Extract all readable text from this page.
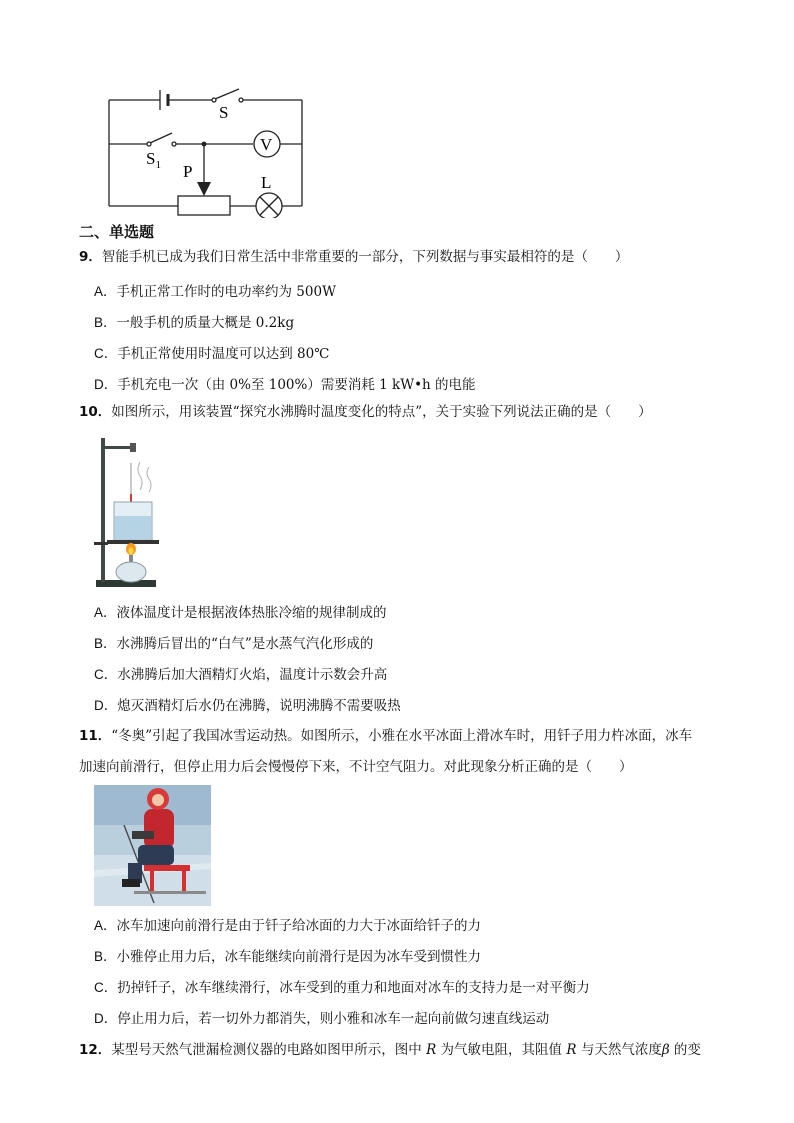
S
$S_1$
V
P
L
二、单选题
9．智能手机已成为我们日常生活中非常重要的一部分，下列数据与事实最相符的是（　　）
A．手机正常工作时的电功率约为 500W
B．一般手机的质量大概是 0.2kg
C．手机正常使用时温度可以达到 80℃
D．手机充电一次（由 0%至 100%）需要消耗 1 kW•h 的电能
10．如图所示，用该装置“探究水沸腾时温度变化的特点”，关于实验下列说法正确的是（　　）
A．液体温度计是根据液体热胀冷缩的规律制成的
B．水沸腾后冒出的“白气”是水蒸气汽化形成的
C．水沸腾后加大酒精灯火焰，温度计示数会升高
D．熄灭酒精灯后水仍在沸腾，说明沸腾不需要吸热
11．“冬奥”引起了我国冰雪运动热。如图所示，小雅在水平冰面上滑冰车时，用钎子用力杵冰面，冰车
加速向前滑行，但停止用力后会慢慢停下来，不计空气阻力。对此现象分析正确的是（　　）
A．冰车加速向前滑行是由于钎子给冰面的力大于冰面给钎子的力
B．小雅停止用力后，冰车能继续向前滑行是因为冰车受到惯性力
C．扔掉钎子，冰车继续滑行，冰车受到的重力和地面对冰车的支持力是一对平衡力
D．停止用力后，若一切外力都消失，则小雅和冰车一起向前做匀速直线运动
12．某型号天然气泄漏检测仪器的电路如图甲所示，图中 R 为气敏电阻，其阻值 R 与天然气浓度β 的变
